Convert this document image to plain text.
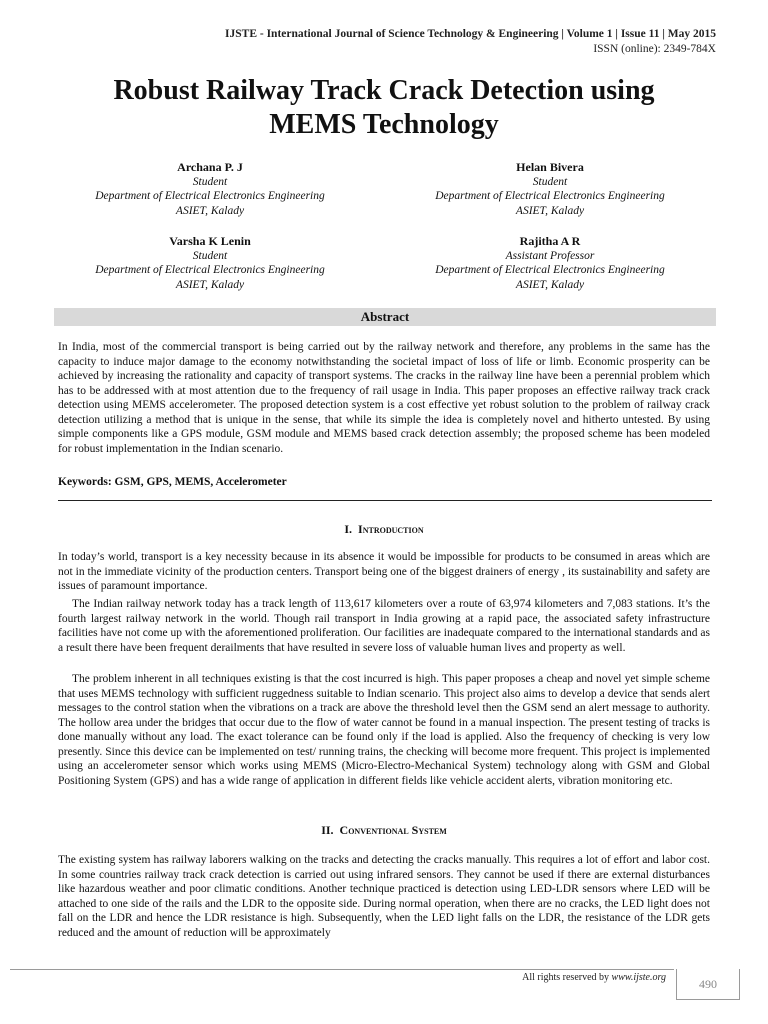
IJSTE - International Journal of Science Technology & Engineering | Volume 1 | Issue 11 | May 2015
ISSN (online): 2349-784X
Robust Railway Track Crack Detection using
MEMS Technology
Archana P. J
Student
Department of Electrical Electronics Engineering
ASIET, Kalady
Helan Bivera
Student
Department of Electrical Electronics Engineering
ASIET, Kalady
Varsha K Lenin
Student
Department of Electrical Electronics Engineering
ASIET, Kalady
Rajitha A R
Assistant Professor
Department of Electrical Electronics Engineering
ASIET, Kalady
Abstract

In India, most of the commercial transport is being carried out by the railway network and therefore, any problems in the same has the capacity to induce major damage to the economy notwithstanding the societal impact of loss of life or limb. Economic prosperity can be achieved by increasing the rationality and capacity of transport systems. The cracks in the railway line have been a perennial problem which has to be addressed with at most attention due to the frequency of rail usage in India. This paper proposes an effective railway track crack detection using MEMS accelerometer. The proposed detection system is a cost effective yet robust solution to the problem of railway crack detection utilizing a method that is unique in the sense, that while its simple the idea is completely novel and hitherto untested. By using simple components like a GPS module, GSM module and MEMS based crack detection assembly; the proposed scheme has been modeled for robust implementation in the Indian scenario.

Keywords: GSM, GPS, MEMS, Accelerometer
I. Introduction

In today’s world, transport is a key necessity because in its absence it would be impossible for products to be consumed in areas which are not in the immediate vicinity of the production centers. Transport being one of the biggest drainers of energy , its sustainability and safety are issues of paramount importance.

The Indian railway network today has a track length of 113,617 kilometers over a route of 63,974 kilometers and 7,083 stations. It’s the fourth largest railway network in the world. Though rail transport in India growing at a rapid pace, the associated safety infrastructure facilities have not come up with the aforementioned proliferation. Our facilities are inadequate compared to the international standards and as a result there have been frequent derailments that have resulted in severe loss of valuable human lives and property as well.

The problem inherent in all techniques existing is that the cost incurred is high. This paper proposes a cheap and novel yet simple scheme that uses MEMS technology with sufficient ruggedness suitable to Indian scenario. This project also aims to develop a device that sends alert messages to the control station when the vibrations on a track are above the threshold level then the GSM send an alert message to authority. The hollow area under the bridges that occur due to the flow of water cannot be found in a manual inspection. The present testing of tracks is done manually without any load. The exact tolerance can be found only if the load is applied. Also the frequency of checking is very low presently. Since this device can be implemented on test/ running trains, the checking will become more frequent. This project is implemented using an accelerometer sensor which works using MEMS (Micro-Electro-Mechanical System) technology along with GSM and Global Positioning System (GPS) and has a wide range of application in different fields like vehicle accident alerts, vibration monitoring etc.

II. Conventional System

The existing system has railway laborers walking on the tracks and detecting the cracks manually. This requires a lot of effort and labor cost. In some countries railway track crack detection is carried out using infrared sensors. They cannot be used if there are external disturbances like hazardous weather and poor climatic conditions. Another technique practiced is detection using LED-LDR sensors where LED will be attached to one side of the rails and the LDR to the opposite side. During normal operation, when there are no cracks, the LED light does not fall on the LDR and hence the LDR resistance is high. Subsequently, when the LED light falls on the LDR, the resistance of the LDR gets reduced and the amount of reduction will be approximately

All rights reserved by www.ijste.org	490
